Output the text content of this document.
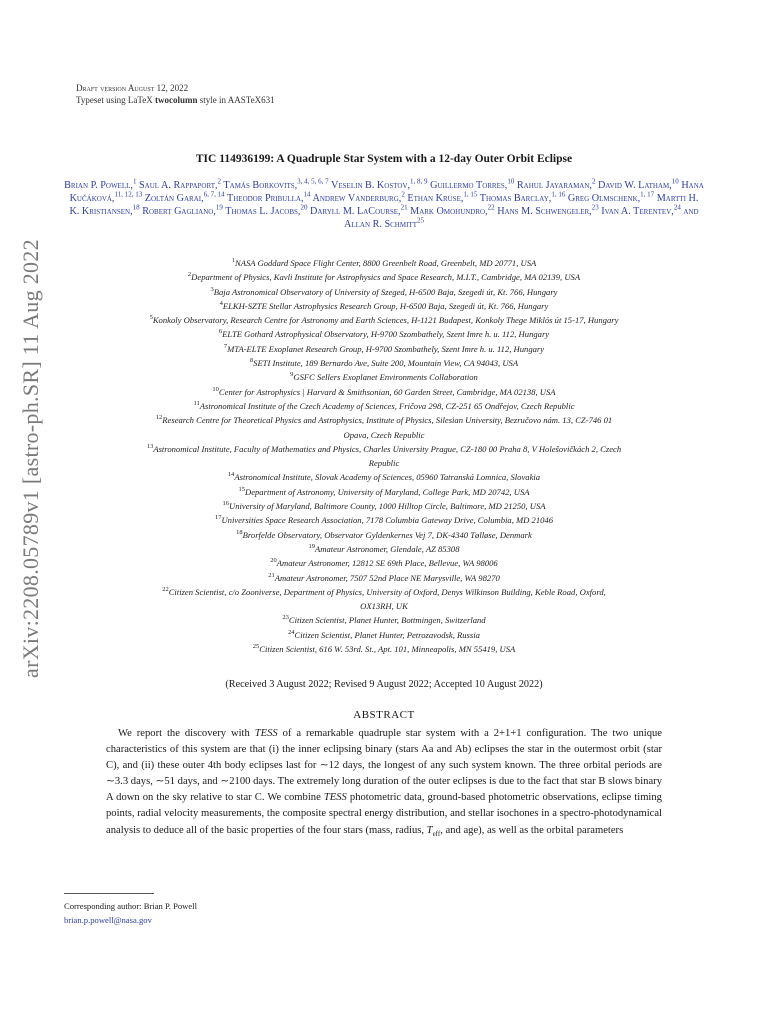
arXiv:2208.05789v1 [astro-ph.SR] 11 Aug 2022
Draft version August 12, 2022
Typeset using LaTeX twocolumn style in AASTeX631
TIC 114936199: A Quadruple Star System with a 12-day Outer Orbit Eclipse
Brian P. Powell,$^1$ Saul A. Rappaport,$^2$ Tamás Borkovits,$^{3, 4, 5, 6, 7}$ Veselin B. Kostov,$^{1, 8, 9}$ Guillermo Torres,$^{10}$ Rahul Jayaraman,$^2$ David W. Latham,$^{10}$ Hana Kučáková,$^{11, 12, 13}$ Zoltán Garai,$^{6, 7, 14}$ Theodor Pribulla,$^{14}$ Andrew Vanderburg,$^2$ Ethan Kruse,$^{1, 15}$ Thomas Barclay,$^{1, 16}$ Greg Olmschenk,$^{1, 17}$ Martti H. K. Kristiansen,$^{18}$ Robert Gagliano,$^{19}$ Thomas L. Jacobs,$^{20}$ Daryll M. LaCourse,$^{21}$ Mark Omohundro,$^{22}$ Hans M. Schwengeler,$^{23}$ Ivan A. Terentev,$^{24}$ and Allan R. Schmitt$^{25}$
$^1$NASA Goddard Space Flight Center, 8800 Greenbelt Road, Greenbelt, MD 20771, USA
$^2$Department of Physics, Kavli Institute for Astrophysics and Space Research, M.I.T., Cambridge, MA 02139, USA
$^3$Baja Astronomical Observatory of University of Szeged, H-6500 Baja, Szegedi út, Kt. 766, Hungary
$^4$ELKH-SZTE Stellar Astrophysics Research Group, H-6500 Baja, Szegedi út, Kt. 766, Hungary
$^5$Konkoly Observatory, Research Centre for Astronomy and Earth Sciences, H-1121 Budapest, Konkoly Thege Miklós út 15-17, Hungary
$^6$ELTE Gothard Astrophysical Observatory, H-9700 Szombathely, Szent Imre h. u. 112, Hungary
$^7$MTA-ELTE Exoplanet Research Group, H-9700 Szombathely, Szent Imre h. u. 112, Hungary
$^8$SETI Institute, 189 Bernardo Ave, Suite 200, Mountain View, CA 94043, USA
$^9$GSFC Sellers Exoplanet Environments Collaboration
$^{10}$Center for Astrophysics | Harvard & Smithsonian, 60 Garden Street, Cambridge, MA 02138, USA
$^{11}$Astronomical Institute of the Czech Academy of Sciences, Fričova 298, CZ-251 65 Ondřejov, Czech Republic
$^{12}$Research Centre for Theoretical Physics and Astrophysics, Institute of Physics, Silesian University, Bezručovo nám. 13, CZ-746 01
Opava, Czech Republic
$^{13}$Astronomical Institute, Faculty of Mathematics and Physics, Charles University Prague, CZ-180 00 Praha 8, V Holešovičkách 2, Czech
Republic
$^{14}$Astronomical Institute, Slovak Academy of Sciences, 05960 Tatranská Lomnica, Slovakia
$^{15}$Department of Astronomy, University of Maryland, College Park, MD 20742, USA
$^{16}$University of Maryland, Baltimore County, 1000 Hilltop Circle, Baltimore, MD 21250, USA
$^{17}$Universities Space Research Association, 7178 Columbia Gateway Drive, Columbia, MD 21046
$^{18}$Brorfelde Observatory, Observator Gyldenkernes Vej 7, DK-4340 Tølløse, Denmark
$^{19}$Amateur Astronomer, Glendale, AZ 85308
$^{20}$Amateur Astronomer, 12812 SE 69th Place, Bellevue, WA 98006
$^{21}$Amateur Astronomer, 7507 52nd Place NE Marysville, WA 98270
$^{22}$Citizen Scientist, c/o Zooniverse, Department of Physics, University of Oxford, Denys Wilkinson Building, Keble Road, Oxford,
OX13RH, UK
$^{23}$Citizen Scientist, Planet Hunter, Bottmingen, Switzerland
$^{24}$Citizen Scientist, Planet Hunter, Petrozavodsk, Russia
$^{25}$Citizen Scientist, 616 W. 53rd. St., Apt. 101, Minneapolis, MN 55419, USA
(Received 3 August 2022; Revised 9 August 2022; Accepted 10 August 2022)
ABSTRACT
We report the discovery with TESS of a remarkable quadruple star system with a 2+1+1 configuration. The two unique characteristics of this system are that (i) the inner eclipsing binary (stars Aa and Ab) eclipses the star in the outermost orbit (star C), and (ii) these outer 4th body eclipses last for ∼12 days, the longest of any such system known. The three orbital periods are ∼3.3 days, ∼51 days, and ∼2100 days. The extremely long duration of the outer eclipses is due to the fact that star B slows binary A down on the sky relative to star C. We combine TESS photometric data, ground-based photometric observations, eclipse timing points, radial velocity measurements, the composite spectral energy distribution, and stellar isochones in a spectro-photodynamical analysis to deduce all of the basic properties of the four stars (mass, radius, $T_{eff}$, and age), as well as the orbital parameters
Corresponding author: Brian P. Powell
brian.p.powell@nasa.gov
